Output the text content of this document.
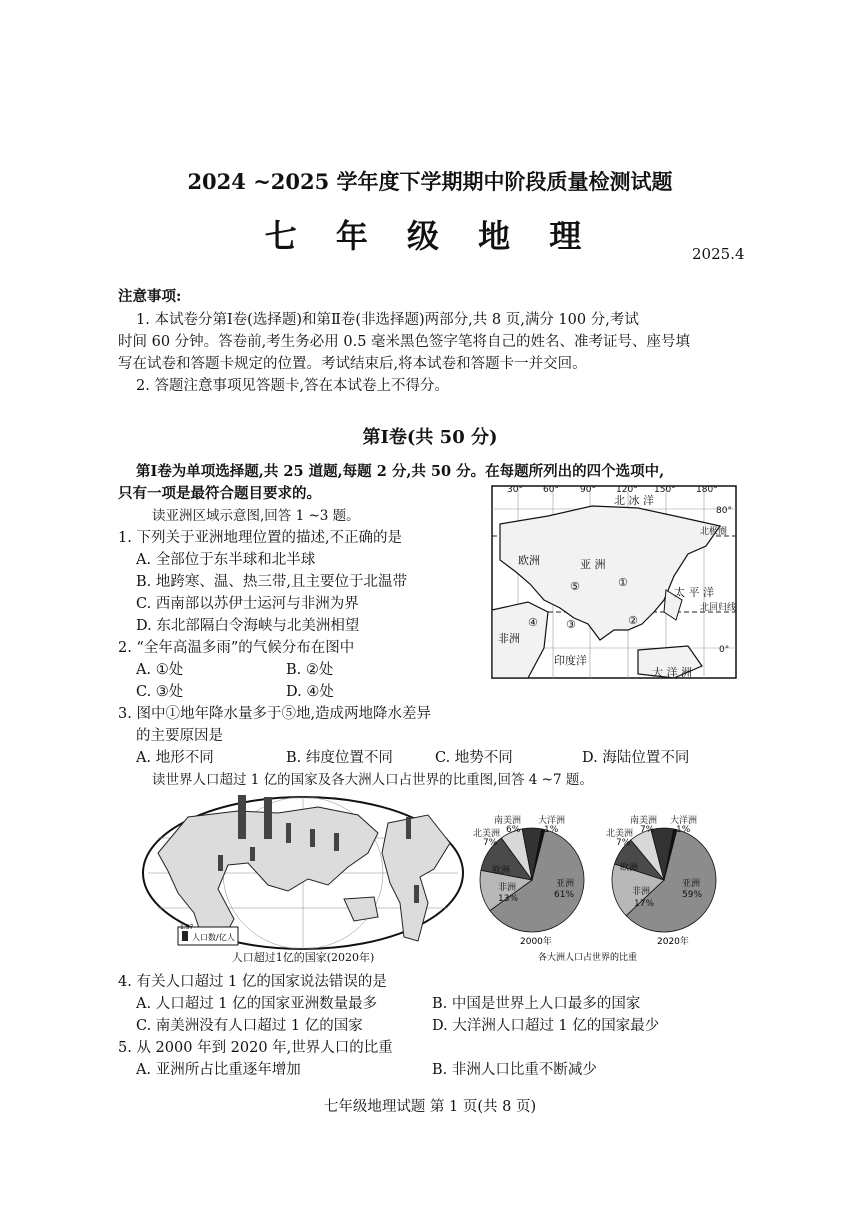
2024 ~2025 学年度下学期期中阶段质量检测试题
七 年 级 地 理	2025.4
注意事项:
1. 本试卷分第Ⅰ卷(选择题)和第Ⅱ卷(非选择题)两部分,共 8 页,满分 100 分,考试
时间 60 分钟。答卷前,考生务必用 0.5 毫米黑色签字笔将自己的姓名、准考证号、座号填
写在试卷和答题卡规定的位置。考试结束后,将本试卷和答题卡一并交回。
2. 答题注意事项见答题卡,答在本试卷上不得分。
第Ⅰ卷(共 50 分)
第Ⅰ卷为单项选择题,共 25 道题,每题 2 分,共 50 分。在每题所列出的四个选项中,
只有一项是最符合题目要求的。
读亚洲区域示意图,回答 1 ~3 题。
1. 下列关于亚洲地理位置的描述,不正确的是
A. 全部位于东半球和北半球
B. 地跨寒、温、热三带,且主要位于北温带
C. 西南部以苏伊士运河与非洲为界
D. 东北部隔白令海峡与北美洲相望
2. “全年高温多雨”的气候分布在图中
A. ①处	B. ②处
C. ③处	D. ④处
3. 图中①地年降水量多于⑤地,造成两地降水差异
的主要原因是
A. 地形不同	B. 纬度位置不同	C. 地势不同	D. 海陆位置不同
30° 60° 90° 120° 150° 180°
80°
0°
北极圈
北回归线
北 冰 洋
欧洲	亚 洲
太 平 洋
非洲
印度洋
大 洋 洲
①
②
③
④
⑤
读世界人口超过 1 亿的国家及各大洲人口占世界的比重图,回答 4 ~7 题。
1.57
人口数/亿人
人口超过1亿的国家(2020年)
南美洲
6%
大洋洲
1%
北美洲
7%
欧洲
非洲
13%
亚洲
61%
南美洲
7%
大洋洲
1%
北美洲
7%
欧洲
非洲
17%
亚洲
59%
2000年	2020年
各大洲人口占世界的比重
4. 有关人口超过 1 亿的国家说法错误的是
A. 人口超过 1 亿的国家亚洲数量最多	B. 中国是世界上人口最多的国家
C. 南美洲没有人口超过 1 亿的国家	D. 大洋洲人口超过 1 亿的国家最少
5. 从 2000 年到 2020 年,世界人口的比重
A. 亚洲所占比重逐年增加	B. 非洲人口比重不断减少
七年级地理试题 第 1 页(共 8 页)
